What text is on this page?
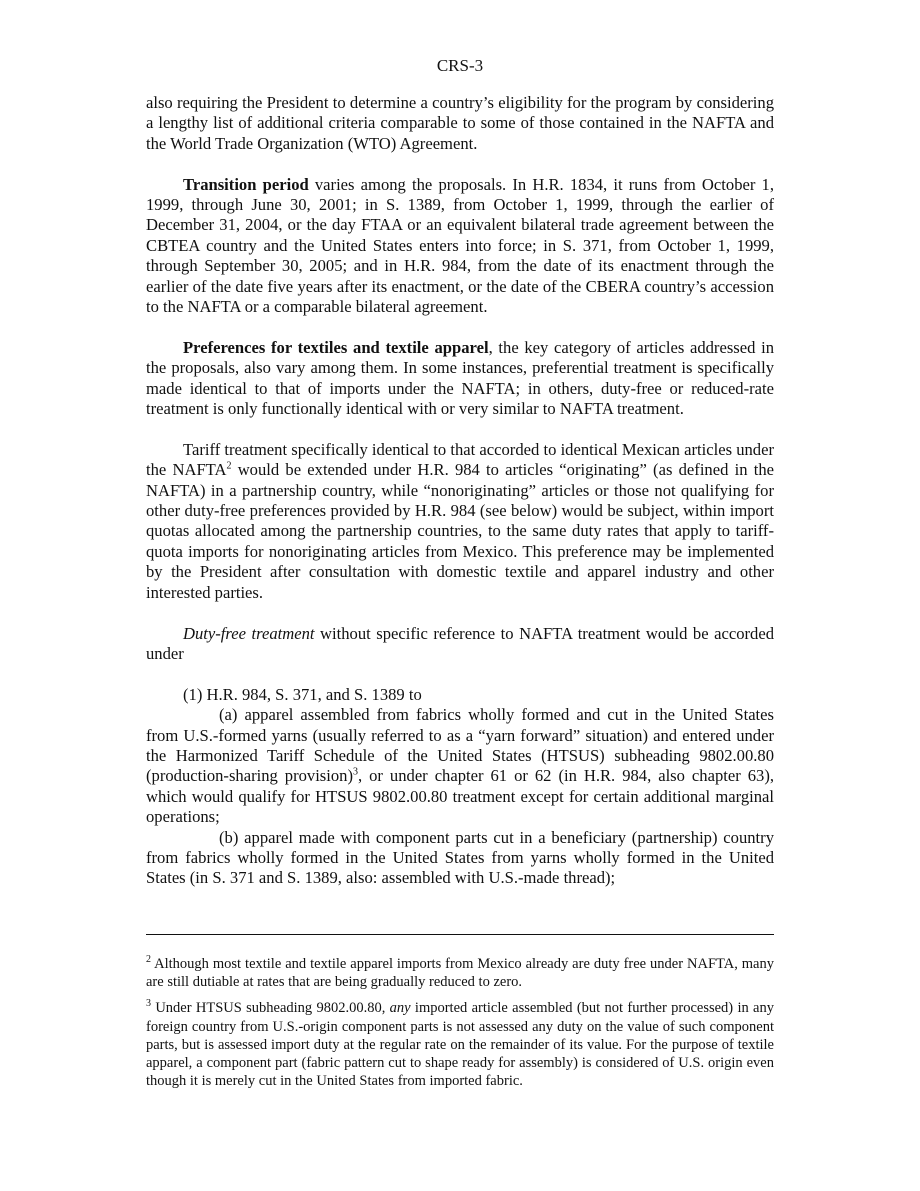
CRS-3

also requiring the President to determine a country’s eligibility for the program by considering a lengthy list of additional criteria comparable to some of those contained in the NAFTA and the World Trade Organization (WTO) Agreement.

Transition period varies among the proposals. In H.R. 1834, it runs from October 1, 1999, through June 30, 2001; in S. 1389, from October 1, 1999, through the earlier of December 31, 2004, or the day FTAA or an equivalent bilateral trade agreement between the CBTEA country and the United States enters into force; in S. 371, from October 1, 1999, through September 30, 2005; and in H.R. 984, from the date of its enactment through the earlier of the date five years after its enactment, or the date of the CBERA country’s accession to the NAFTA or a comparable bilateral agreement.

Preferences for textiles and textile apparel, the key category of articles addressed in the proposals, also vary among them. In some instances, preferential treatment is specifically made identical to that of imports under the NAFTA; in others, duty-free or reduced-rate treatment is only functionally identical with or very similar to NAFTA treatment.

Tariff treatment specifically identical to that accorded to identical Mexican articles under the NAFTA$^2$ would be extended under H.R. 984 to articles “originating” (as defined in the NAFTA) in a partnership country, while “nonoriginating” articles or those not qualifying for other duty-free preferences provided by H.R. 984 (see below) would be subject, within import quotas allocated among the partnership countries, to the same duty rates that apply to tariff-quota imports for nonoriginating articles from Mexico. This preference may be implemented by the President after consultation with domestic textile and apparel industry and other interested parties.

Duty-free treatment without specific reference to NAFTA treatment would be accorded under

(1) H.R. 984, S. 371, and S. 1389 to

(a) apparel assembled from fabrics wholly formed and cut in the United States from U.S.-formed yarns (usually referred to as a “yarn forward” situation) and entered under the Harmonized Tariff Schedule of the United States (HTSUS) subheading 9802.00.80 (production-sharing provision)$^3$, or under chapter 61 or 62 (in H.R. 984, also chapter 63), which would qualify for HTSUS 9802.00.80 treatment except for certain additional marginal operations;

(b) apparel made with component parts cut in a beneficiary (partnership) country from fabrics wholly formed in the United States from yarns wholly formed in the United States (in S. 371 and S. 1389, also: assembled with U.S.-made thread);

$^2$ Although most textile and textile apparel imports from Mexico already are duty free under NAFTA, many are still dutiable at rates that are being gradually reduced to zero.

$^3$ Under HTSUS subheading 9802.00.80, any imported article assembled (but not further processed) in any foreign country from U.S.-origin component parts is not assessed any duty on the value of such component parts, but is assessed import duty at the regular rate on the remainder of its value. For the purpose of textile apparel, a component part (fabric pattern cut to shape ready for assembly) is considered of U.S. origin even though it is merely cut in the United States from imported fabric.
